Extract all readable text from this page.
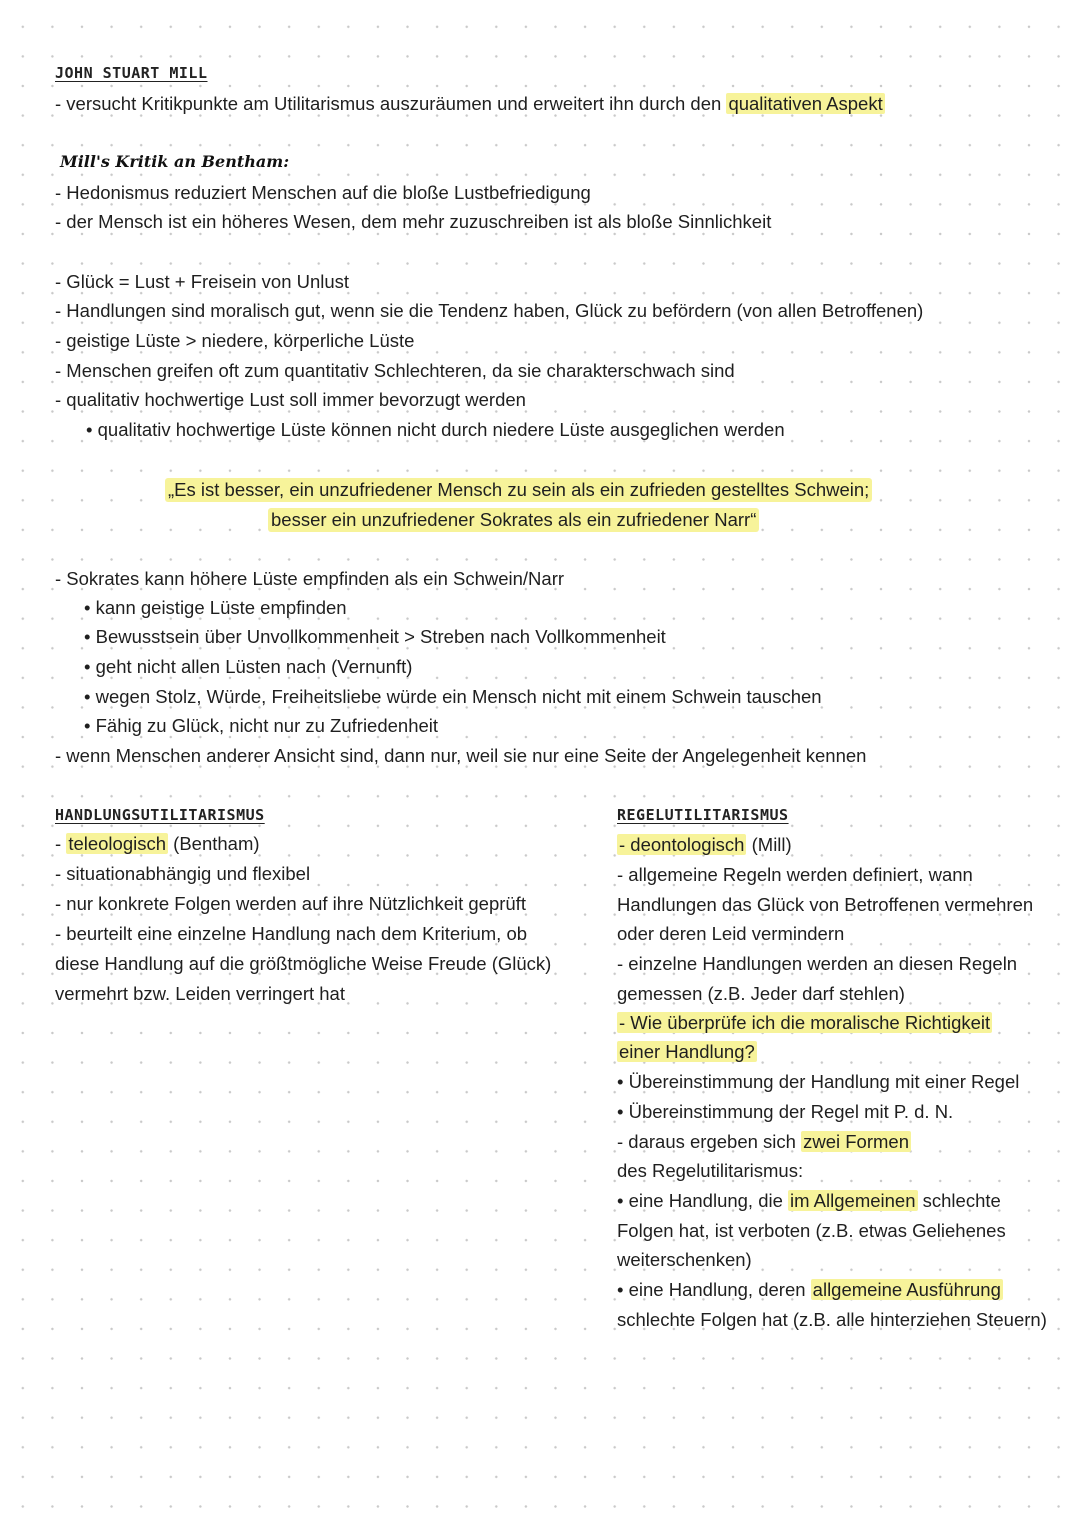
JOHN STUART MILL
- versucht Kritikpunkte am Utilitarismus auszuräumen und erweitert ihn durch den qualitativen Aspekt
Mill's Kritik an Bentham:
- Hedonismus reduziert Menschen auf die bloße Lustbefriedigung
- der Mensch ist ein höheres Wesen, dem mehr zuzuschreiben ist als bloße Sinnlichkeit
- Glück = Lust + Freisein von Unlust
- Handlungen sind moralisch gut, wenn sie die Tendenz haben, Glück zu befördern (von allen Betroffenen)
- geistige Lüste > niedere, körperliche Lüste
- Menschen greifen oft zum quantitativ Schlechteren, da sie charakterschwach sind
- qualitativ hochwertige Lust soll immer bevorzugt werden
• qualitativ hochwertige Lüste können nicht durch niedere Lüste ausgeglichen werden
„Es ist besser, ein unzufriedener Mensch zu sein als ein zufrieden gestelltes Schwein;
besser ein unzufriedener Sokrates als ein zufriedener Narr“
- Sokrates kann höhere Lüste empfinden als ein Schwein/Narr
• kann geistige Lüste empfinden
• Bewusstsein über Unvollkommenheit > Streben nach Vollkommenheit
• geht nicht allen Lüsten nach (Vernunft)
• wegen Stolz, Würde, Freiheitsliebe würde ein Mensch nicht mit einem Schwein tauschen
• Fähig zu Glück, nicht nur zu Zufriedenheit
- wenn Menschen anderer Ansicht sind, dann nur, weil sie nur eine Seite der Angelegenheit kennen
HANDLUNGSUTILITARISMUS
- teleologisch (Bentham)
- situationabhängig und flexibel
- nur konkrete Folgen werden auf ihre Nützlichkeit geprüft
- beurteilt eine einzelne Handlung nach dem Kriterium, ob
diese Handlung auf die größtmögliche Weise Freude (Glück)
vermehrt bzw. Leiden verringert hat
REGELUTILITARISMUS
- deontologisch (Mill)
- allgemeine Regeln werden definiert, wann
Handlungen das Glück von Betroffenen vermehren
oder deren Leid vermindern
- einzelne Handlungen werden an diesen Regeln
gemessen (z.B. Jeder darf stehlen)
- Wie überprüfe ich die moralische Richtigkeit
einer Handlung?
• Übereinstimmung der Handlung mit einer Regel
• Übereinstimmung der Regel mit P. d. N.
- daraus ergeben sich zwei Formen
des Regelutilitarismus:
• eine Handlung, die im Allgemeinen schlechte
Folgen hat, ist verboten (z.B. etwas Geliehenes
weiterschenken)
• eine Handlung, deren allgemeine Ausführung
schlechte Folgen hat (z.B. alle hinterziehen Steuern)
